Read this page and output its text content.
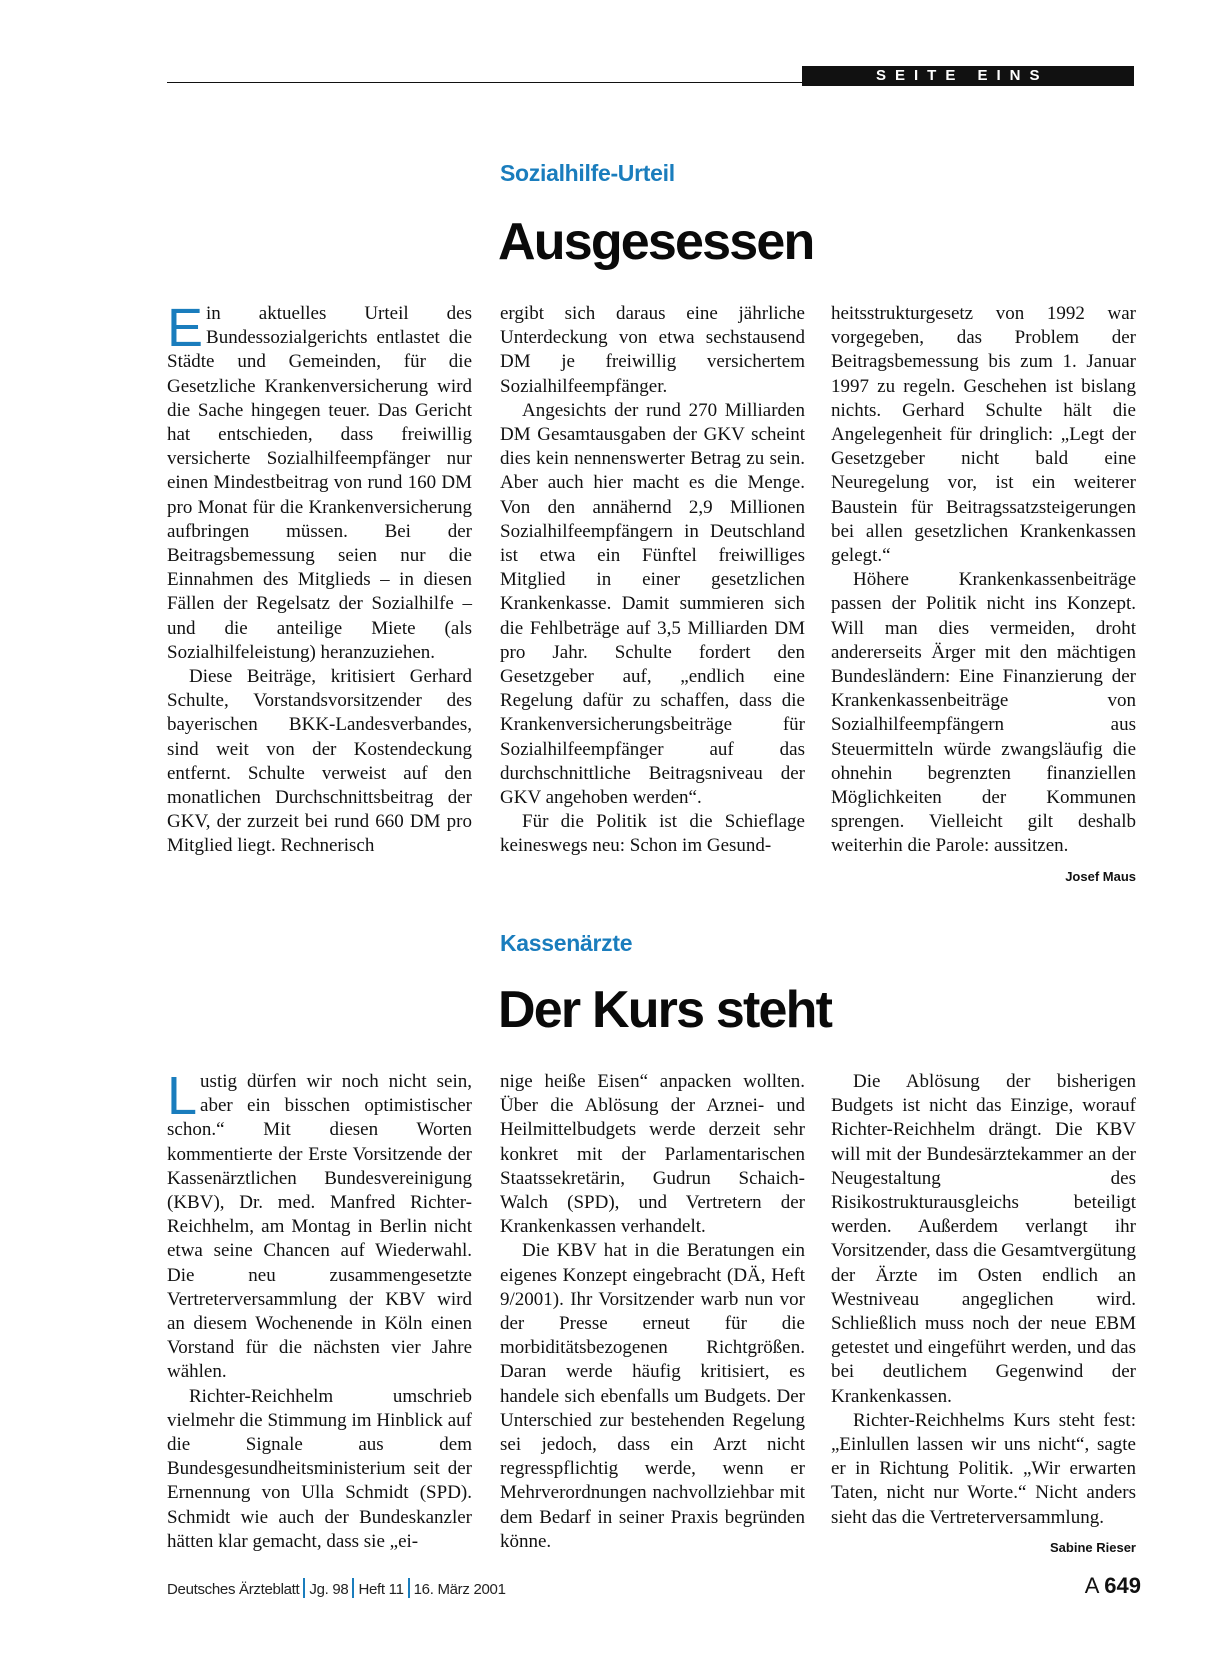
SEITE EINS
Sozialhilfe-Urteil
Ausgesessen

Ein aktuelles Urteil des Bundessozialgerichts entlastet die Städte und Gemeinden, für die Gesetzliche Krankenversicherung wird die Sache hingegen teuer. Das Gericht hat entschieden, dass freiwillig versicherte Sozialhilfeempfänger nur einen Mindestbeitrag von rund 160 DM pro Monat für die Krankenversicherung aufbringen müssen. Bei der Beitragsbemessung seien nur die Einnahmen des Mitglieds – in diesen Fällen der Regelsatz der Sozialhilfe – und die anteilige Miete (als Sozialhilfeleistung) heranzuziehen.

Diese Beiträge, kritisiert Gerhard Schulte, Vorstandsvorsitzender des bayerischen BKK-Landesverbandes, sind weit von der Kostendeckung entfernt. Schulte verweist auf den monatlichen Durchschnittsbeitrag der GKV, der zurzeit bei rund 660 DM pro Mitglied liegt. Rechnerisch

ergibt sich daraus eine jährliche Unterdeckung von etwa sechstausend DM je freiwillig versichertem Sozialhilfeempfänger.

Angesichts der rund 270 Milliarden DM Gesamtausgaben der GKV scheint dies kein nennenswerter Betrag zu sein. Aber auch hier macht es die Menge. Von den annähernd 2,9 Millionen Sozialhilfeempfängern in Deutschland ist etwa ein Fünftel freiwilliges Mitglied in einer gesetzlichen Krankenkasse. Damit summieren sich die Fehlbeträge auf 3,5 Milliarden DM pro Jahr. Schulte fordert den Gesetzgeber auf, „endlich eine Regelung dafür zu schaffen, dass die Krankenversicherungsbeiträge für Sozialhilfeempfänger auf das durchschnittliche Beitragsniveau der GKV angehoben werden“.

Für die Politik ist die Schieflage keineswegs neu: Schon im Gesund-

heitsstrukturgesetz von 1992 war vorgegeben, das Problem der Beitragsbemessung bis zum 1. Januar 1997 zu regeln. Geschehen ist bislang nichts. Gerhard Schulte hält die Angelegenheit für dringlich: „Legt der Gesetzgeber nicht bald eine Neuregelung vor, ist ein weiterer Baustein für Beitragssatzsteigerungen bei allen gesetzlichen Krankenkassen gelegt.“

Höhere Krankenkassenbeiträge passen der Politik nicht ins Konzept. Will man dies vermeiden, droht andererseits Ärger mit den mächtigen Bundesländern: Eine Finanzierung der Krankenkassenbeiträge von Sozialhilfeempfängern aus Steuermitteln würde zwangsläufig die ohnehin begrenzten finanziellen Möglichkeiten der Kommunen sprengen. Vielleicht gilt deshalb weiterhin die Parole: aussitzen.
Josef Maus

Kassenärzte
Der Kurs steht

Lustig dürfen wir noch nicht sein, aber ein bisschen optimistischer schon.“ Mit diesen Worten kommentierte der Erste Vorsitzende der Kassenärztlichen Bundesvereinigung (KBV), Dr. med. Manfred Richter-Reichhelm, am Montag in Berlin nicht etwa seine Chancen auf Wiederwahl. Die neu zusammengesetzte Vertreterversammlung der KBV wird an diesem Wochenende in Köln einen Vorstand für die nächsten vier Jahre wählen.

Richter-Reichhelm umschrieb vielmehr die Stimmung im Hinblick auf die Signale aus dem Bundesgesundheitsministerium seit der Ernennung von Ulla Schmidt (SPD). Schmidt wie auch der Bundeskanzler hätten klar gemacht, dass sie „ei-

nige heiße Eisen“ anpacken wollten. Über die Ablösung der Arznei- und Heilmittelbudgets werde derzeit sehr konkret mit der Parlamentarischen Staatssekretärin, Gudrun Schaich-Walch (SPD), und Vertretern der Krankenkassen verhandelt.

Die KBV hat in die Beratungen ein eigenes Konzept eingebracht (DÄ, Heft 9/2001). Ihr Vorsitzender warb nun vor der Presse erneut für die morbiditätsbezogenen Richtgrößen. Daran werde häufig kritisiert, es handele sich ebenfalls um Budgets. Der Unterschied zur bestehenden Regelung sei jedoch, dass ein Arzt nicht regresspflichtig werde, wenn er Mehrverordnungen nachvollziehbar mit dem Bedarf in seiner Praxis begründen könne.

Die Ablösung der bisherigen Budgets ist nicht das Einzige, worauf Richter-Reichhelm drängt. Die KBV will mit der Bundesärztekammer an der Neugestaltung des Risikostrukturausgleichs beteiligt werden. Außerdem verlangt ihr Vorsitzender, dass die Gesamtvergütung der Ärzte im Osten endlich an Westniveau angeglichen wird. Schließlich muss noch der neue EBM getestet und eingeführt werden, und das bei deutlichem Gegenwind der Krankenkassen.

Richter-Reichhelms Kurs steht fest: „Einlullen lassen wir uns nicht“, sagte er in Richtung Politik. „Wir erwarten Taten, nicht nur Worte.“ Nicht anders sieht das die Vertreterversammlung.
Sabine Rieser

Deutsches Ärzteblatt Jg. 98 Heft 11 16. März 2001	A 649
